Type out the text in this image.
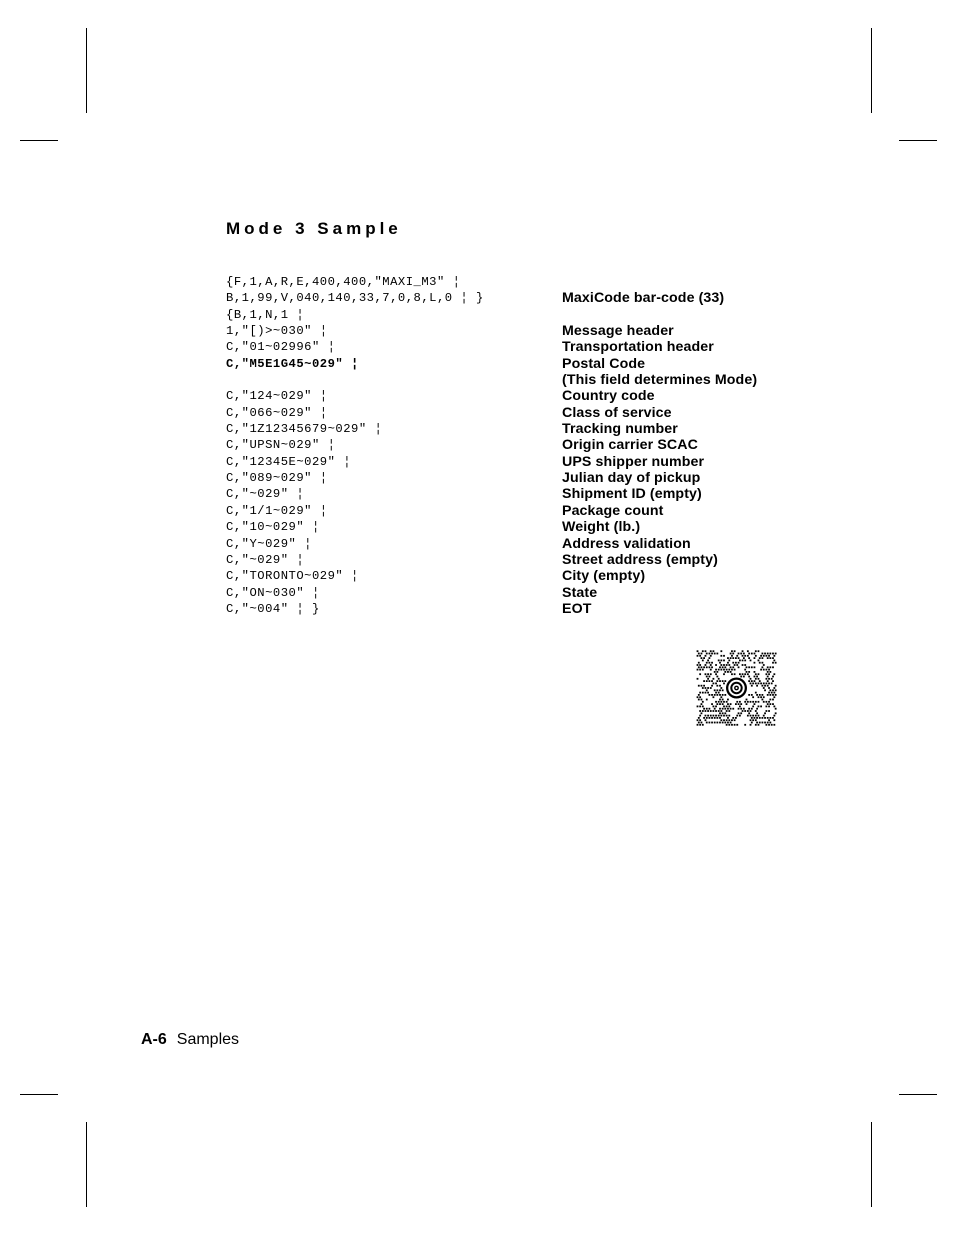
Mode 3 Sample
{F,1,A,R,E,400,400,"MAXI_M3" ¦
B,1,99,V,040,140,33,7,0,8,L,0 ¦ }
{B,1,N,1 ¦
1,"[)>~030" ¦
C,"01~02996" ¦
C,"M5E1G45~029" ¦
C,"124~029" ¦
C,"066~029" ¦
C,"1Z12345679~029" ¦
C,"UPSN~029" ¦
C,"12345E~029" ¦
C,"089~029" ¦
C,"~029" ¦
C,"1/1~029" ¦
C,"10~029" ¦
C,"Y~029" ¦
C,"~029" ¦
C,"TORONTO~029" ¦
C,"ON~030" ¦
C,"~004" ¦ }
MaxiCode bar-code (33)
Message header
Transportation header
Postal Code
(This field determines Mode)
Country code
Class of service
Tracking number
Origin carrier SCAC
UPS shipper number
Julian day of pickup
Shipment ID (empty)
Package count
Weight (lb.)
Address validation
Street address (empty)
City (empty)
State
EOT
A-6 Samples
